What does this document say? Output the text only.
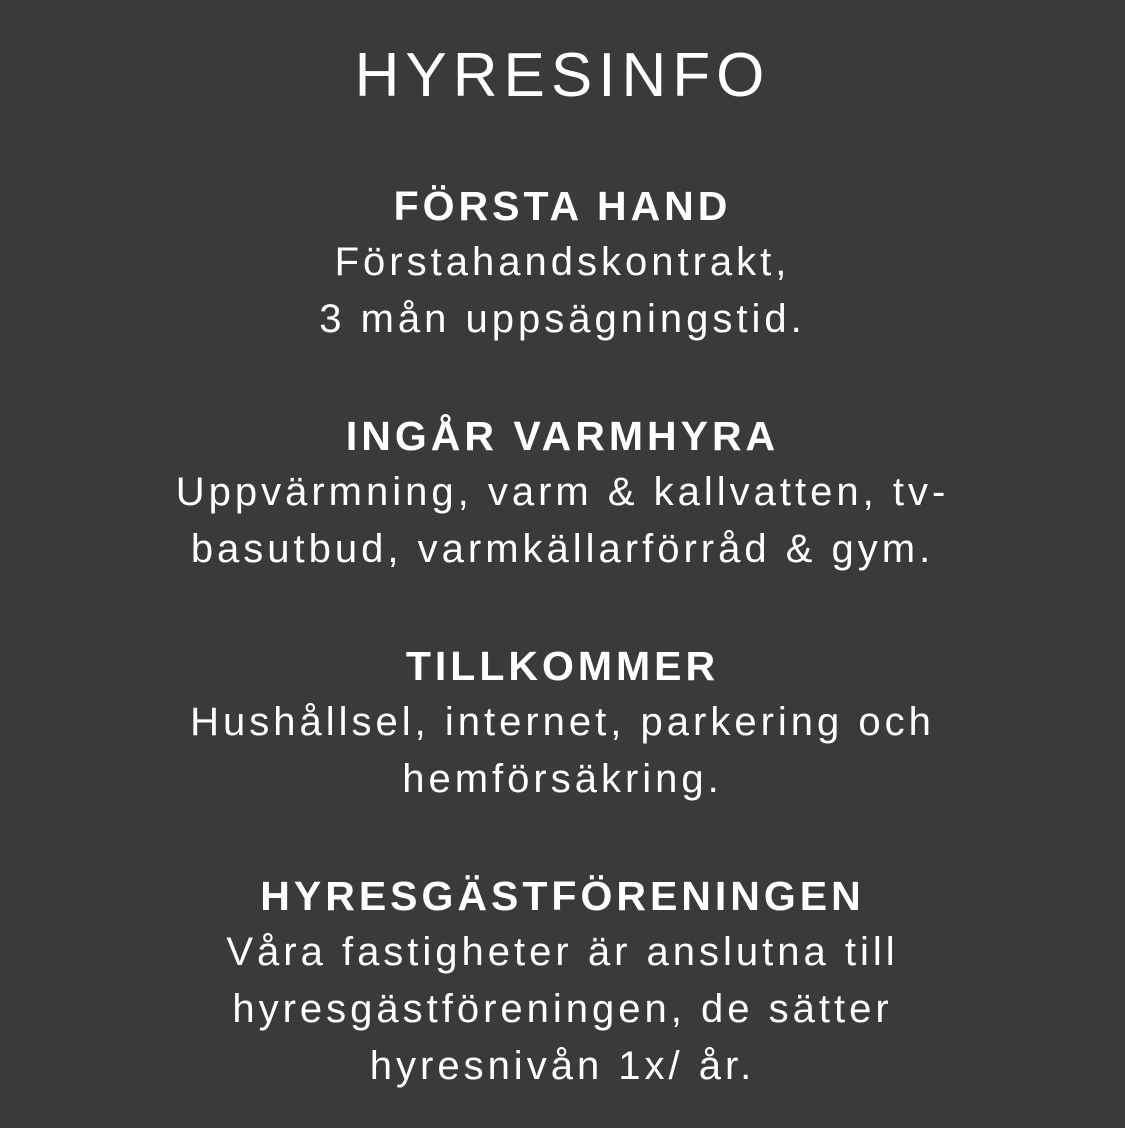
HYRESINFO
FÖRSTA HAND

Förstahandskontrakt,

3 mån uppsägningstid.

INGÅR VARMHYRA

Uppvärmning, varm & kallvatten, tv-

basutbud, varmkällarförråd & gym.

TILLKOMMER

Hushållsel, internet, parkering och

hemförsäkring.

HYRESGÄSTFÖRENINGEN

Våra fastigheter är anslutna till

hyresgästföreningen, de sätter

hyresnivån 1x/ år.
